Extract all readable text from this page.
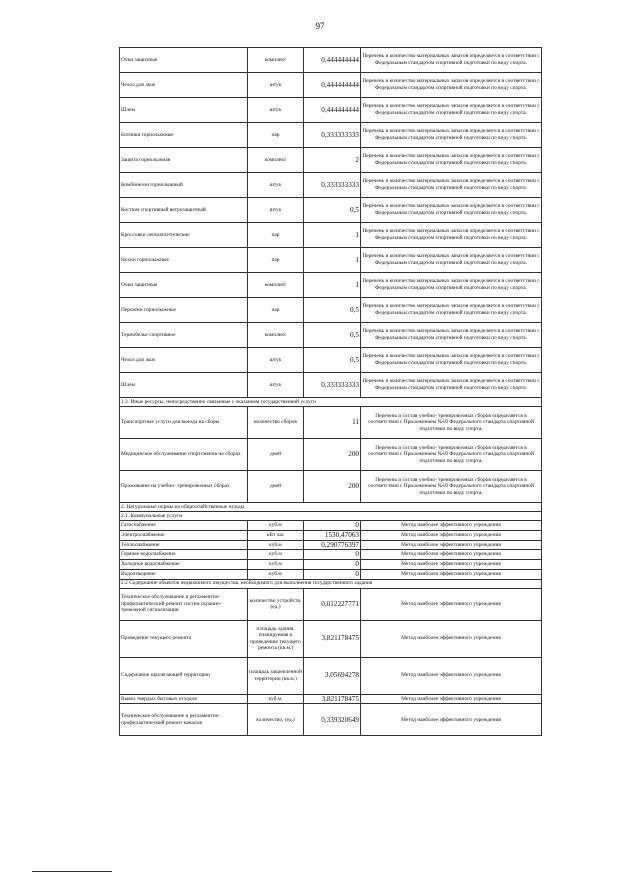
97
Очки защитные	комплект	0,444444444	Перечень и количество материальных запасов определяется в соответствии с Федеральным стандартом спортивной подготовки по виду спорта.
Чехол для лыж	штук	0,444444444	Перечень и количество материальных запасов определяется в соответствии с Федеральным стандартом спортивной подготовки по виду спорта.
Шлем	штук	0,444444444	Перечень и количество материальных запасов определяется в соответствии с Федеральным стандартом спортивной подготовки по виду спорта.
Ботинки горнолыжные	пар	0,333333333	Перечень и количество материальных запасов определяется в соответствии с Федеральным стандартом спортивной подготовки по виду спорта.
Защита горнолыжная	комплект	2	Перечень и количество материальных запасов определяется в соответствии с Федеральным стандартом спортивной подготовки по виду спорта.
Комбинезон горнолыжный	штук	0,333333333	Перечень и количество материальных запасов определяется в соответствии с Федеральным стандартом спортивной подготовки по виду спорта.
Костюм спортивный ветрозащитный	штук	0,5	Перечень и количество материальных запасов определяется в соответствии с Федеральным стандартом спортивной подготовки по виду спорта.
Кроссовки легкоатлетические	пар	1	Перечень и количество материальных запасов определяется в соответствии с Федеральным стандартом спортивной подготовки по виду спорта.
Носки горнолыжные	пар	1	Перечень и количество материальных запасов определяется в соответствии с Федеральным стандартом спортивной подготовки по виду спорта.
Очки защитные	комплект	1	Перечень и количество материальных запасов определяется в соответствии с Федеральным стандартом спортивной подготовки по виду спорта.
Перчатки горнолыжные	пар	0,5	Перечень и количество материальных запасов определяется в соответствии с Федеральным стандартом спортивной подготовки по виду спорта.
Термобелье спортивное	комплект	0,5	Перечень и количество материальных запасов определяется в соответствии с Федеральным стандартом спортивной подготовки по виду спорта.
Чехол для лыж	штук	0,5	Перечень и количество материальных запасов определяется в соответствии с Федеральным стандартом спортивной подготовки по виду спорта.
Шлем	штук	0,333333333	Перечень и количество материальных запасов определяется в соответствии с Федеральным стандартом спортивной подготовки по виду спорта.
1.3. Иные ресурсы, непосредственно связанные с оказанием государственной услуги			
Транспортные услуги для выезда на сборы	количество сборов	11	Перечень и состав учебно- тренировочных сборов определяется в соответствии с Приложением №10 Федерального стандарта спортивной подготовки по виду спорта.
Медицинское обслуживание спортсменов на сборах	дней	200	Перечень и состав учебно- тренировочных сборов определяется в соответствии с Приложением №10 Федерального стандарта спортивной подготовки по виду спорта.
Проживание на учебно- тренировочных сборах	дней	200	Перечень и состав учебно- тренировочных сборов определяется в соответствии с Приложением №10 Федерального стандарта спортивной подготовки по виду спорта.
2. Натуральные нормы на общехозяйственные нужды			
2.1. Коммунальные услуги			
Газоснабжение	куб.м	0	Метод наиболее эффективного учреждения
Электроснабжение	кВт час	1530,47063	Метод наиболее эффективного учреждения
Теплоснабжение	куб.м	0,290776397	Метод наиболее эффективного учреждения
Горячее водоснабжение	куб.м	0	Метод наиболее эффективного учреждения
Холодное водоснабжение	куб.м	0	Метод наиболее эффективного учреждения
Водоотведение	куб.м	0	Метод наиболее эффективного учреждения
2.2 Содержание объектов недвижимого имущества, необходимого для выполнения государственного задания			
Техническое обслуживание и регламентно- профилактический ремонт систем охранно- тревожной сигнализации	количество устройств, (ед.)	0,012227771	Метод наиболее эффективного учреждения
Проведение текущего ремонта	площадь здания, планируемая к проведению текущего ремонта (кв.м.)	3,821178475	Метод наиболее эффективного учреждения
Содержание прилегающей территории	площадь закрепленной территории (кв.м.)	3,05694278	Метод наиболее эффективного учреждения
Вывоз твердых бытовых отходов	куб.м.	3,821178475	Метод наиболее эффективного учреждения
Техническое обслуживание и регламентно- профилактический ремонт каналов	количество, (ед.)	0,339320649	Метод наиболее эффективного учреждения
